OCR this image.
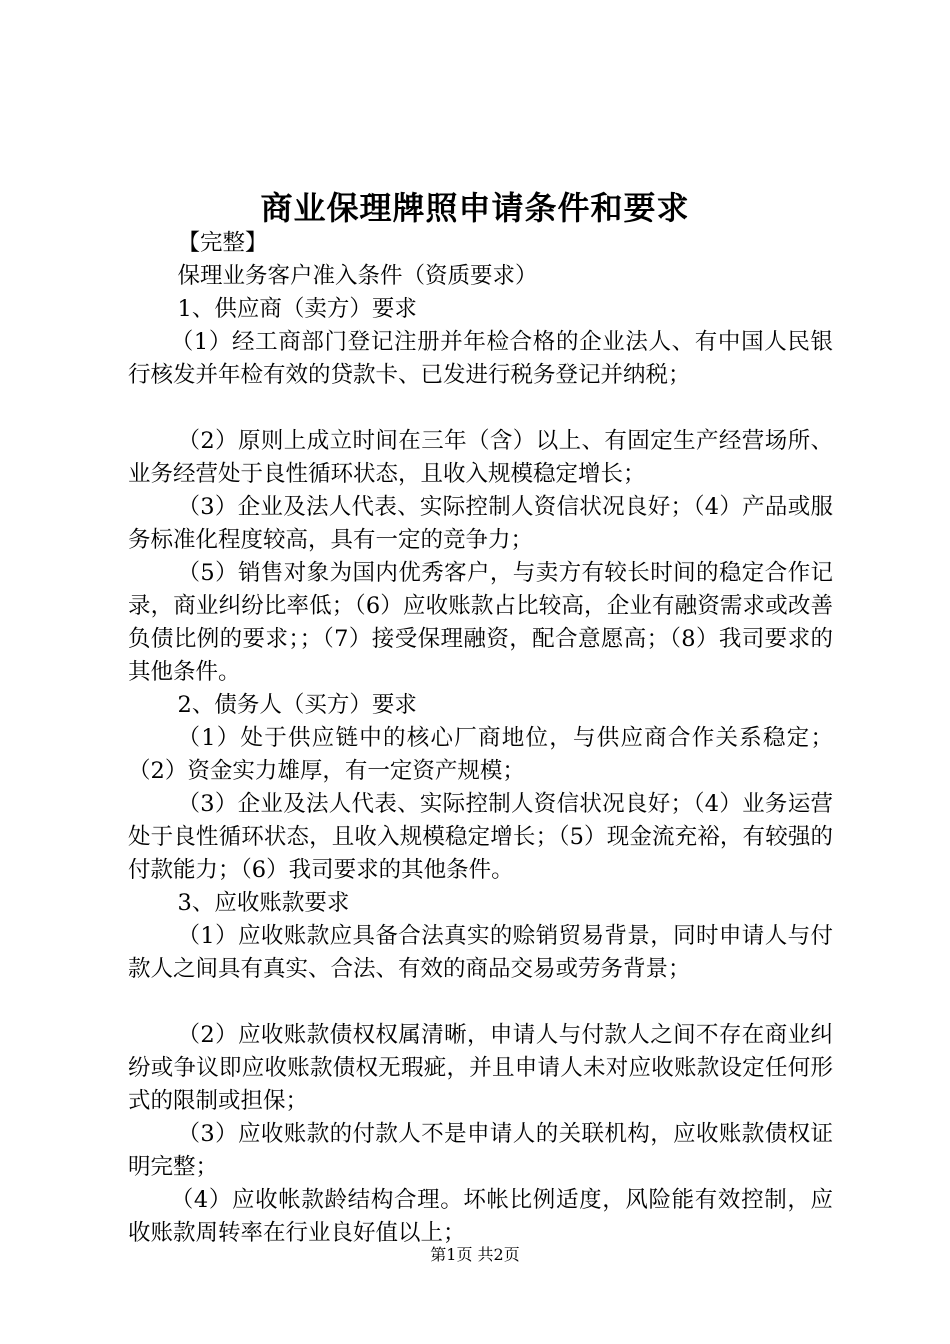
商业保理牌照申请条件和要求

【完整】

保理业务客户准入条件（资质要求）

1、供应商（卖方）要求

（1）经工商部门登记注册并年检合格的企业法人、有中国人民银行核发并年检有效的贷款卡、已发进行税务登记并纳税；

（2）原则上成立时间在三年（含）以上、有固定生产经营场所、业务经营处于良性循环状态，且收入规模稳定增长；

（3）企业及法人代表、实际控制人资信状况良好；（4）产品或服务标准化程度较高，具有一定的竞争力；

（5）销售对象为国内优秀客户，与卖方有较长时间的稳定合作记录，商业纠纷比率低；（6）应收账款占比较高，企业有融资需求或改善负债比例的要求；；（7）接受保理融资，配合意愿高；（8）我司要求的其他条件。

2、债务人（买方）要求

（1）处于供应链中的核心厂商地位，与供应商合作关系稳定；（2）资金实力雄厚，有一定资产规模；

（3）企业及法人代表、实际控制人资信状况良好；（4）业务运营处于良性循环状态，且收入规模稳定增长；（5）现金流充裕，有较强的付款能力；（6）我司要求的其他条件。

3、应收账款要求

（1）应收账款应具备合法真实的赊销贸易背景，同时申请人与付款人之间具有真实、合法、有效的商品交易或劳务背景；

（2）应收账款债权权属清晰，申请人与付款人之间不存在商业纠纷或争议即应收账款债权无瑕疵，并且申请人未对应收账款设定任何形式的限制或担保；

（3）应收账款的付款人不是申请人的关联机构，应收账款债权证明完整；

（4）应收帐款龄结构合理。坏帐比例适度，风险能有效控制，应收账款周转率在行业良好值以上；

第1页 共2页
